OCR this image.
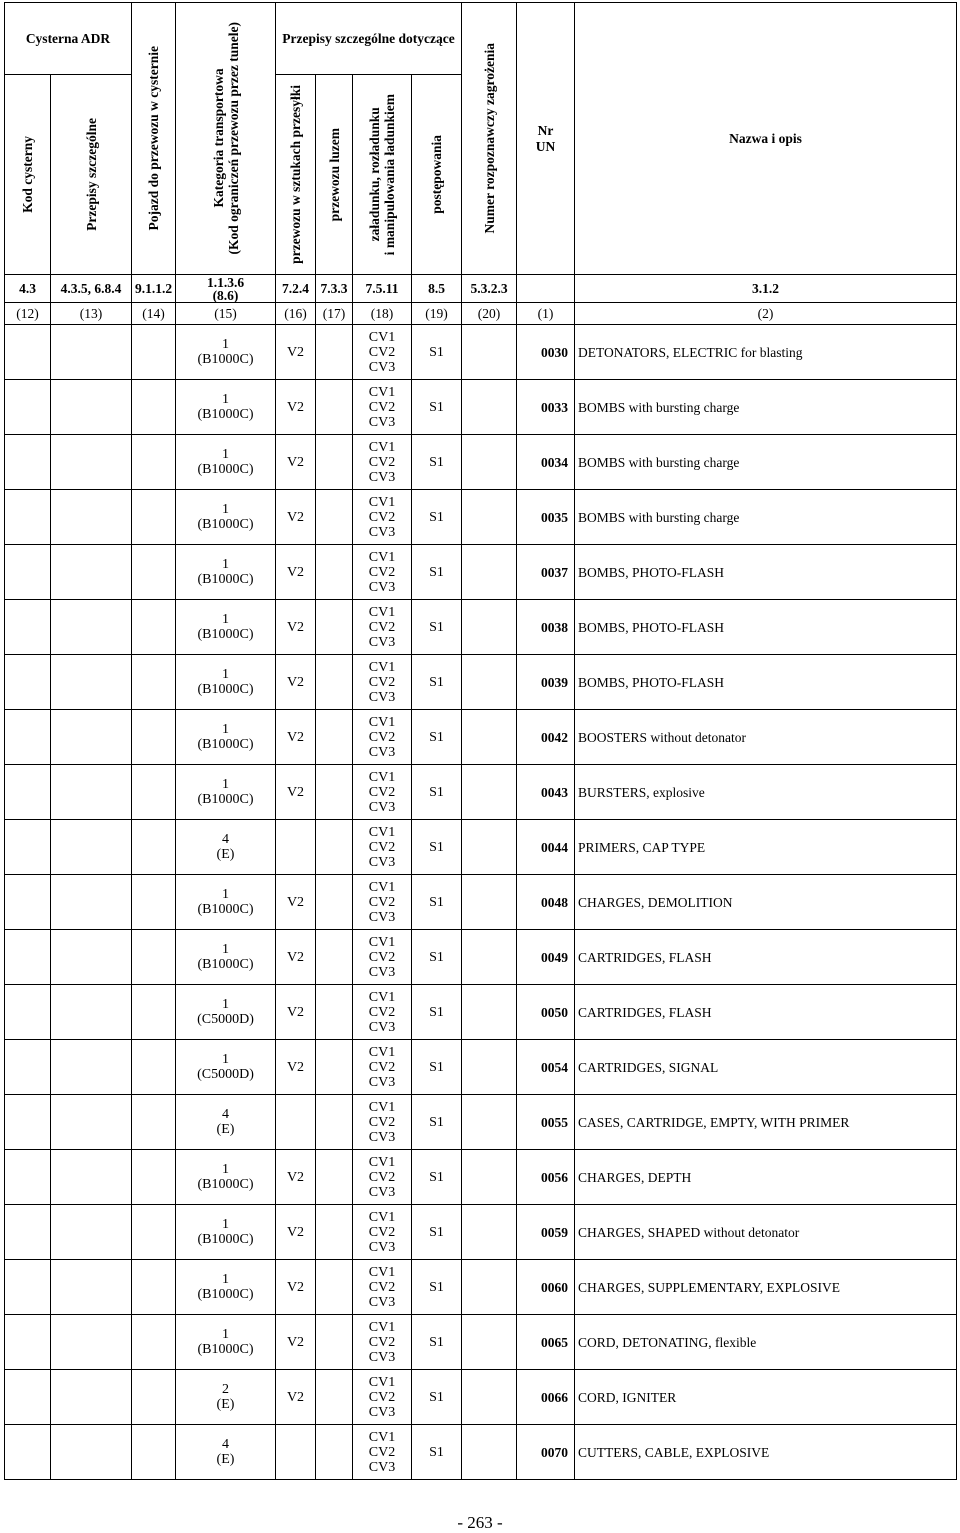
Cysterna ADR		Pojazd do przewozu w cysternie	Kategoria transportowa
(Kod ograniczeń przewozu przez tunele)	Przepisy szczególne dotyczące				Numer rozpoznawczy zagrożenia	Nr
UN	Nazwa i opis

Kod cysterny	Przepisy szczególne			przewozu w sztukach przesyłki	przewozu luzem	załadunku, rozładunku
i manipulowania ładunkiem	postępowania			

4.3	4.3.5, 6.8.4	9.1.1.2	1.1.3.6
(8.6)	7.2.4	7.3.3	7.5.11	8.5	5.3.2.3		3.1.2
(12)	(13)	(14)	(15)	(16)	(17)	(18)	(19)	(20)	(1)	(2)
			1
(B1000C)	V2		CV1
CV2
CV3	S1		0030	DETONATORS, ELECTRIC for blasting
			1
(B1000C)	V2		CV1
CV2
CV3	S1		0033	BOMBS with bursting charge
			1
(B1000C)	V2		CV1
CV2
CV3	S1		0034	BOMBS with bursting charge
			1
(B1000C)	V2		CV1
CV2
CV3	S1		0035	BOMBS with bursting charge
			1
(B1000C)	V2		CV1
CV2
CV3	S1		0037	BOMBS, PHOTO-FLASH
			1
(B1000C)	V2		CV1
CV2
CV3	S1		0038	BOMBS, PHOTO-FLASH
			1
(B1000C)	V2		CV1
CV2
CV3	S1		0039	BOMBS, PHOTO-FLASH
			1
(B1000C)	V2		CV1
CV2
CV3	S1		0042	BOOSTERS without detonator
			1
(B1000C)	V2		CV1
CV2
CV3	S1		0043	BURSTERS, explosive
			4
(E)			CV1
CV2
CV3	S1		0044	PRIMERS, CAP TYPE
			1
(B1000C)	V2		CV1
CV2
CV3	S1		0048	CHARGES, DEMOLITION
			1
(B1000C)	V2		CV1
CV2
CV3	S1		0049	CARTRIDGES, FLASH
			1
(C5000D)	V2		CV1
CV2
CV3	S1		0050	CARTRIDGES, FLASH
			1
(C5000D)	V2		CV1
CV2
CV3	S1		0054	CARTRIDGES, SIGNAL
			4
(E)			CV1
CV2
CV3	S1		0055	CASES, CARTRIDGE, EMPTY, WITH PRIMER
			1
(B1000C)	V2		CV1
CV2
CV3	S1		0056	CHARGES, DEPTH
			1
(B1000C)	V2		CV1
CV2
CV3	S1		0059	CHARGES, SHAPED without detonator
			1
(B1000C)	V2		CV1
CV2
CV3	S1		0060	CHARGES, SUPPLEMENTARY, EXPLOSIVE
			1
(B1000C)	V2		CV1
CV2
CV3	S1		0065	CORD, DETONATING, flexible
			2
(E)	V2		CV1
CV2
CV3	S1		0066	CORD, IGNITER
			4
(E)			CV1
CV2
CV3	S1		0070	CUTTERS, CABLE, EXPLOSIVE
- 263 -
